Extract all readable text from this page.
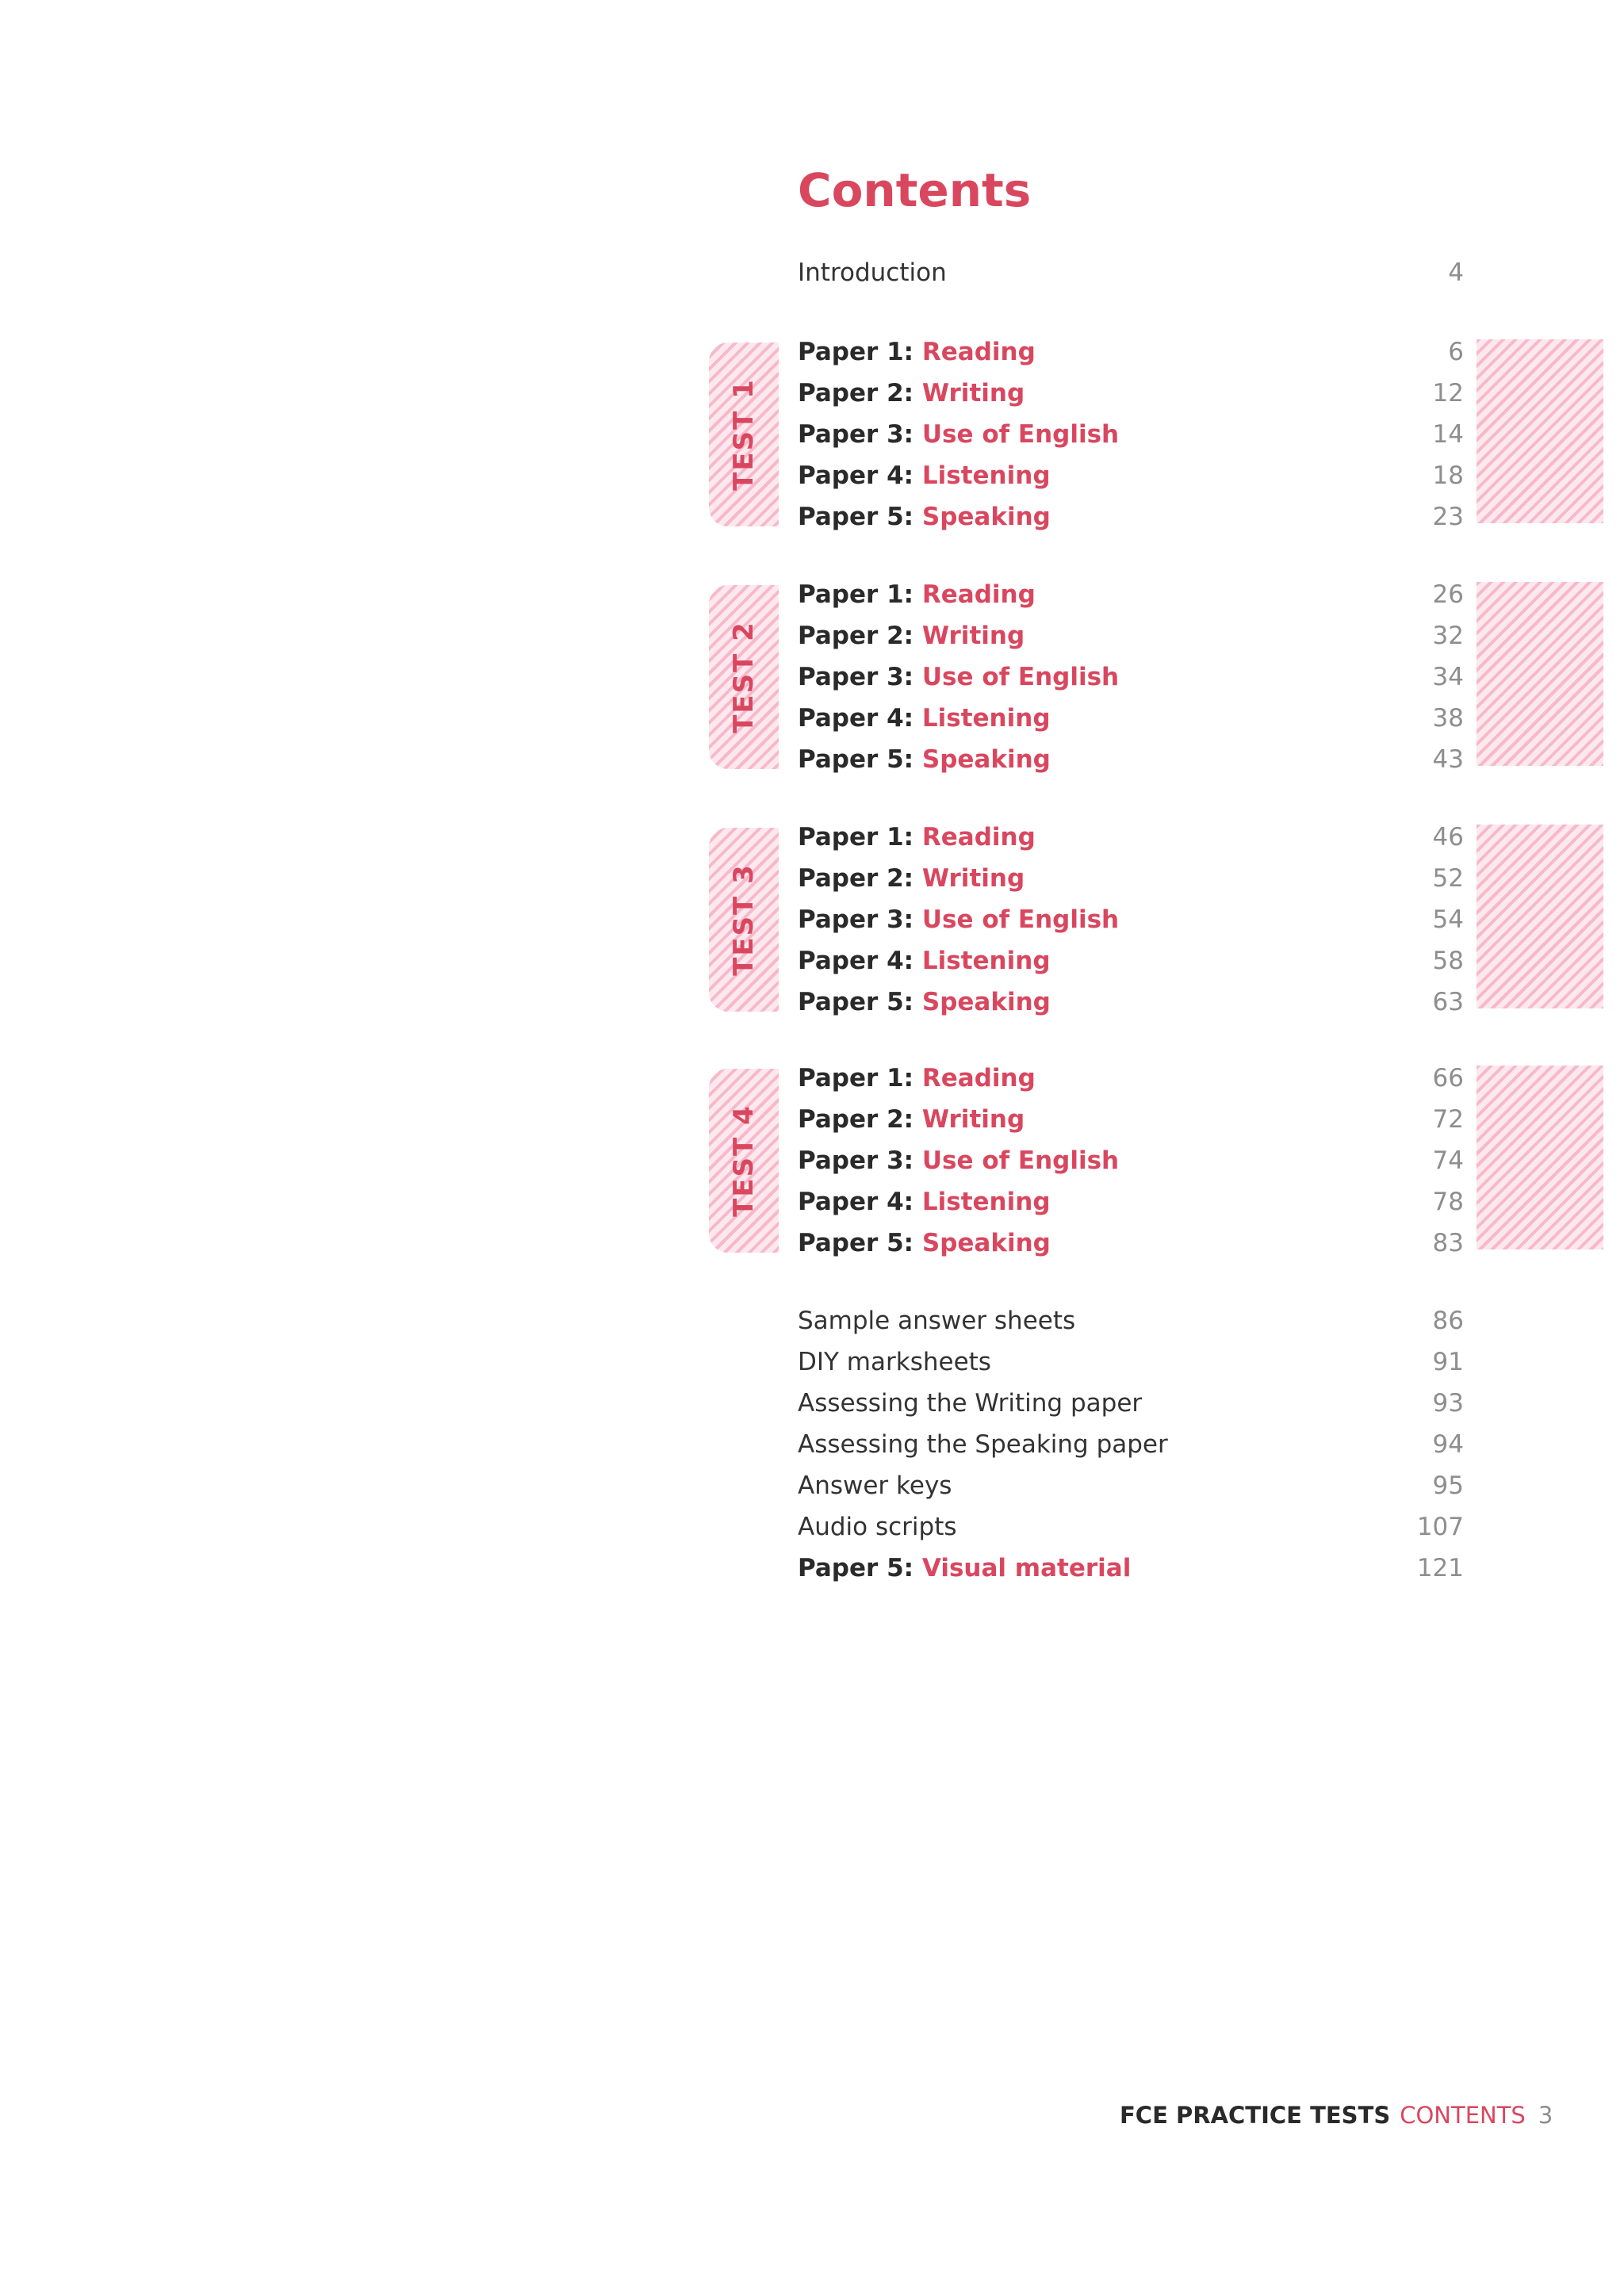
Contents
Introduction	4
TEST 1
Paper 1: Reading	6
Paper 2: Writing	12
Paper 3: Use of English	14
Paper 4: Listening	18
Paper 5: Speaking	23
TEST 2
Paper 1: Reading	26
Paper 2: Writing	32
Paper 3: Use of English	34
Paper 4: Listening	38
Paper 5: Speaking	43
TEST 3
Paper 1: Reading	46
Paper 2: Writing	52
Paper 3: Use of English	54
Paper 4: Listening	58
Paper 5: Speaking	63
TEST 4
Paper 1: Reading	66
Paper 2: Writing	72
Paper 3: Use of English	74
Paper 4: Listening	78
Paper 5: Speaking	83
Sample answer sheets	86
DIY marksheets	91
Assessing the Writing paper	93
Assessing the Speaking paper	94
Answer keys	95
Audio scripts	107
Paper 5: Visual material	121
FCE PRACTICE TESTS CONTENTS 3
